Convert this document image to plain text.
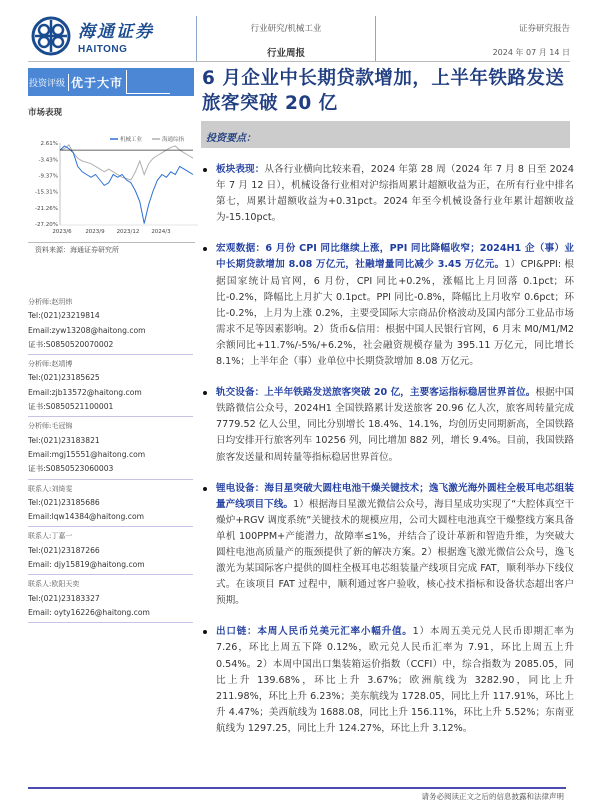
海通证券
HAITONG
行业研究/机械工业
行业周报
证券研究报告
2024 年 07 月 14 日
投资评级 优于大市	6 月企业中长期贷款增加，上半年铁路发送旅客突破 20 亿
市场表现
机械工业	海通综指
2.61%
-3.43%
-9.37%
-15.31%
-21.26%
-27.20%
2023/6 2023/9 2023/12 2024/3
资料来源：海通证券研究所
分析师:赵玥炜
Tel:(021)23219814
Email:zyw13208@haitong.com
证书:S0850520070002
分析师:赵靖博
Tel:(021)23185625
Email:zjb13572@haitong.com
证书:S0850521100001
分析师:毛冠锦
Tel:(021)23183821
Email:mgj15551@haitong.com
证书:S0850523060003
联系人:刘绮雯
Tel:(021)23185686
Email:lqw14384@haitong.com
联系人:丁嘉一
Tel:(021)23187266
Email: djy15819@haitong.com
联系人:欧阳天奕
Tel:(021)23183327
Email: oyty16226@haitong.com
投资要点：
板块表现：从各行业横向比较来看，2024 年第 28 周（2024 年 7 月 8 日至 2024 年 7 月 12 日），机械设备行业相对沪综指周累计超额收益为正，在所有行业中排名第七，周累计超额收益为+0.31pct。2024 年至今机械设备行业年累计超额收益为-15.10pct。
宏观数据：6 月份 CPI 同比继续上涨，PPI 同比降幅收窄；2024H1 企（事）业中长期贷款增加 8.08 万亿元，社融增量同比减少 3.45 万亿元。1）CPI&PPI: 根据国家统计局官网，6 月份，CPI 同比+0.2%，涨幅比上月回落 0.1pct；环比-0.2%，降幅比上月扩大 0.1pct。PPI 同比-0.8%，降幅比上月收窄 0.6pct；环比-0.2%，上月为上涨 0.2%，主要受国际大宗商品价格波动及国内部分工业品市场需求不足等因素影响。2）货币&信用：根据中国人民银行官网，6 月末 M0/M1/M2 余额同比+11.7%/-5%/+6.2%，社会融资规模存量为 395.11 万亿元，同比增长 8.1%；上半年企（事）业单位中长期贷款增加 8.08 万亿元。
轨交设备：上半年铁路发送旅客突破 20 亿，主要客运指标稳居世界首位。根据中国铁路微信公众号，2024H1 全国铁路累计发送旅客 20.96 亿人次，旅客周转量完成 7779.52 亿人公里，同比分别增长 18.4%、14.1%，均创历史同期新高，全国铁路日均安排开行旅客列车 10256 列，同比增加 882 列，增长 9.4%。目前，我国铁路旅客发送量和周转量等指标稳居世界首位。
锂电设备：海目星突破大圆柱电池干燥关键技术；逸飞激光海外圆柱全极耳电芯组装量产线项目下线。1）根据海目星激光微信公众号，海目星成功实现了“大腔体真空干燥炉+RGV 调度系统”关键技术的规模应用，公司大圆柱电池真空干燥整线方案具备单机 100PPM+产能潜力，故障率≤1%，并结合了设计革新和智造升维，为突破大圆柱电池高质量产的瓶颈提供了新的解决方案。2）根据逸飞激光微信公众号，逸飞激光为某国际客户提供的圆柱全极耳电芯组装量产线项目完成 FAT，顺利举办下线仪式。在该项目 FAT 过程中，顺利通过客户验收，核心技术指标和设备状态超出客户预期。
出口链：本周人民币兑美元汇率小幅升值。1）本周五美元兑人民币即期汇率为 7.26，环比上周五下降 0.12%，欧元兑人民币汇率为 7.91，环比上周五上升 0.54%。2）本周中国出口集装箱运价指数（CCFI）中，综合指数为 2085.05，同比上升 139.68%，环比上升 3.67%；欧洲航线为 3282.90，同比上升 211.98%，环比上升 6.23%；美东航线为 1728.05，同比上升 117.91%，环比上升 4.47%；美西航线为 1688.08，同比上升 156.11%，环比上升 5.52%；东南亚航线为 1297.25，同比上升 124.27%，环比上升 3.12%。
请务必阅读正文之后的信息披露和法律声明
